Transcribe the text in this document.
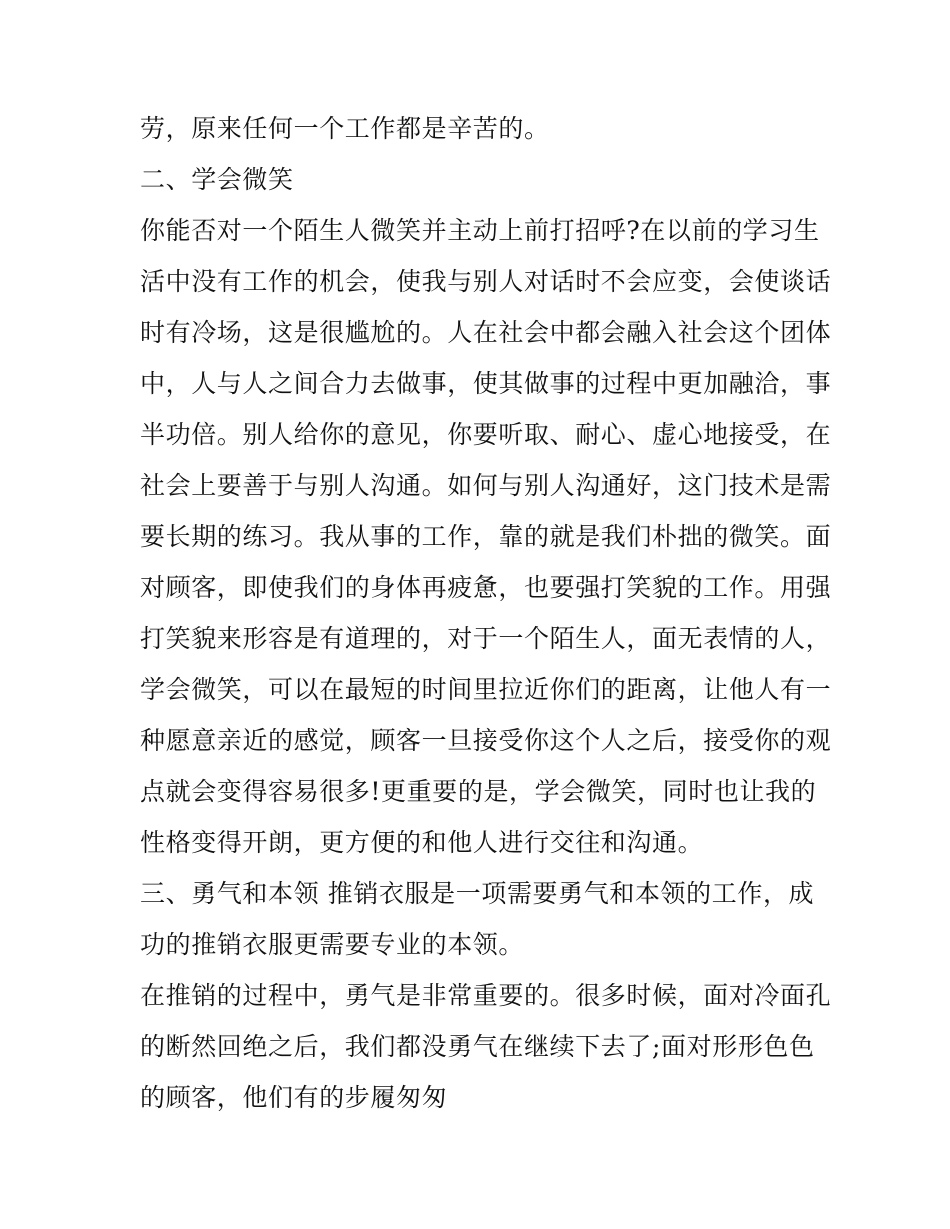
劳，原来任何一个工作都是辛苦的。
二、学会微笑
你能否对一个陌生人微笑并主动上前打招呼?在以前的学习生
活中没有工作的机会，使我与别人对话时不会应变，会使谈话
时有冷场，这是很尴尬的。人在社会中都会融入社会这个团体
中，人与人之间合力去做事，使其做事的过程中更加融洽，事
半功倍。别人给你的意见，你要听取、耐心、虚心地接受，在
社会上要善于与别人沟通。如何与别人沟通好，这门技术是需
要长期的练习。我从事的工作，靠的就是我们朴拙的微笑。面
对顾客，即使我们的身体再疲惫，也要强打笑貌的工作。用强
打笑貌来形容是有道理的，对于一个陌生人，面无表情的人，
学会微笑，可以在最短的时间里拉近你们的距离，让他人有一
种愿意亲近的感觉，顾客一旦接受你这个人之后，接受你的观
点就会变得容易很多!更重要的是，学会微笑，同时也让我的
性格变得开朗，更方便的和他人进行交往和沟通。
三、勇气和本领 推销衣服是一项需要勇气和本领的工作，成
功的推销衣服更需要专业的本领。
在推销的过程中，勇气是非常重要的。很多时候，面对冷面孔
的断然回绝之后，我们都没勇气在继续下去了;面对形形色色
的顾客，他们有的步履匆匆
